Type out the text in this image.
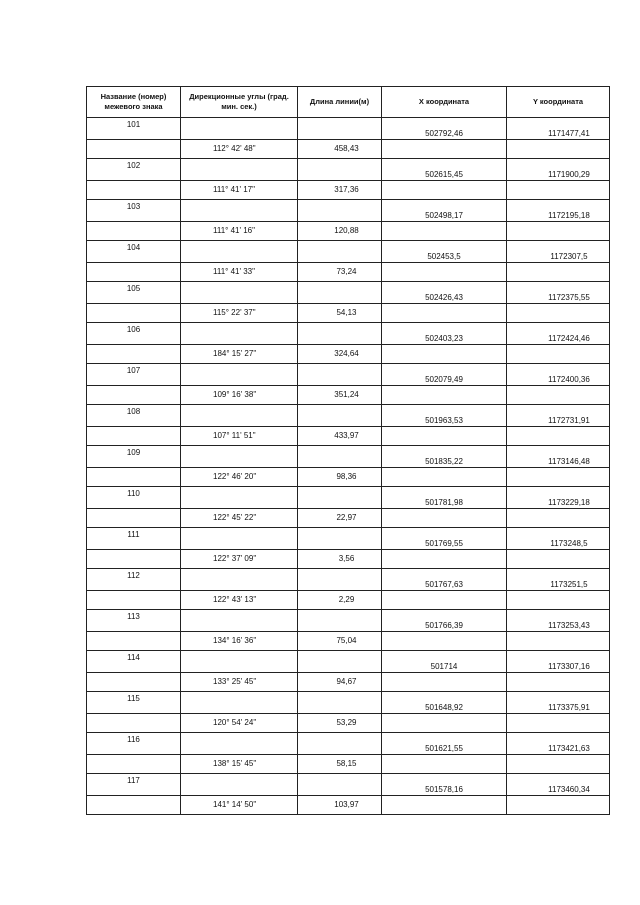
Название (номер) межевого знака	Дирекционные углы (град. мин. сек.)	Длина линии(м)	X координата	Y координата
101			502792,46	1171477,41
	112° 42' 48"	458,43		
102			502615,45	1171900,29
	111° 41' 17"	317,36		
103			502498,17	1172195,18
	111° 41' 16"	120,88		
104			502453,5	1172307,5
	111° 41' 33"	73,24		
105			502426,43	1172375,55
	115° 22' 37"	54,13		
106			502403,23	1172424,46
	184° 15' 27"	324,64		
107			502079,49	1172400,36
	109° 16' 38"	351,24		
108			501963,53	1172731,91
	107° 11' 51"	433,97		
109			501835,22	1173146,48
	122° 46' 20"	98,36		
110			501781,98	1173229,18
	122° 45' 22"	22,97		
111			501769,55	1173248,5
	122° 37' 09"	3,56		
112			501767,63	1173251,5
	122° 43' 13"	2,29		
113			501766,39	1173253,43
	134° 16' 36"	75,04		
114			501714	1173307,16
	133° 25' 45"	94,67		
115			501648,92	1173375,91
	120° 54' 24"	53,29		
116			501621,55	1173421,63
	138° 15' 45"	58,15		
117			501578,16	1173460,34
	141° 14' 50"	103,97		
